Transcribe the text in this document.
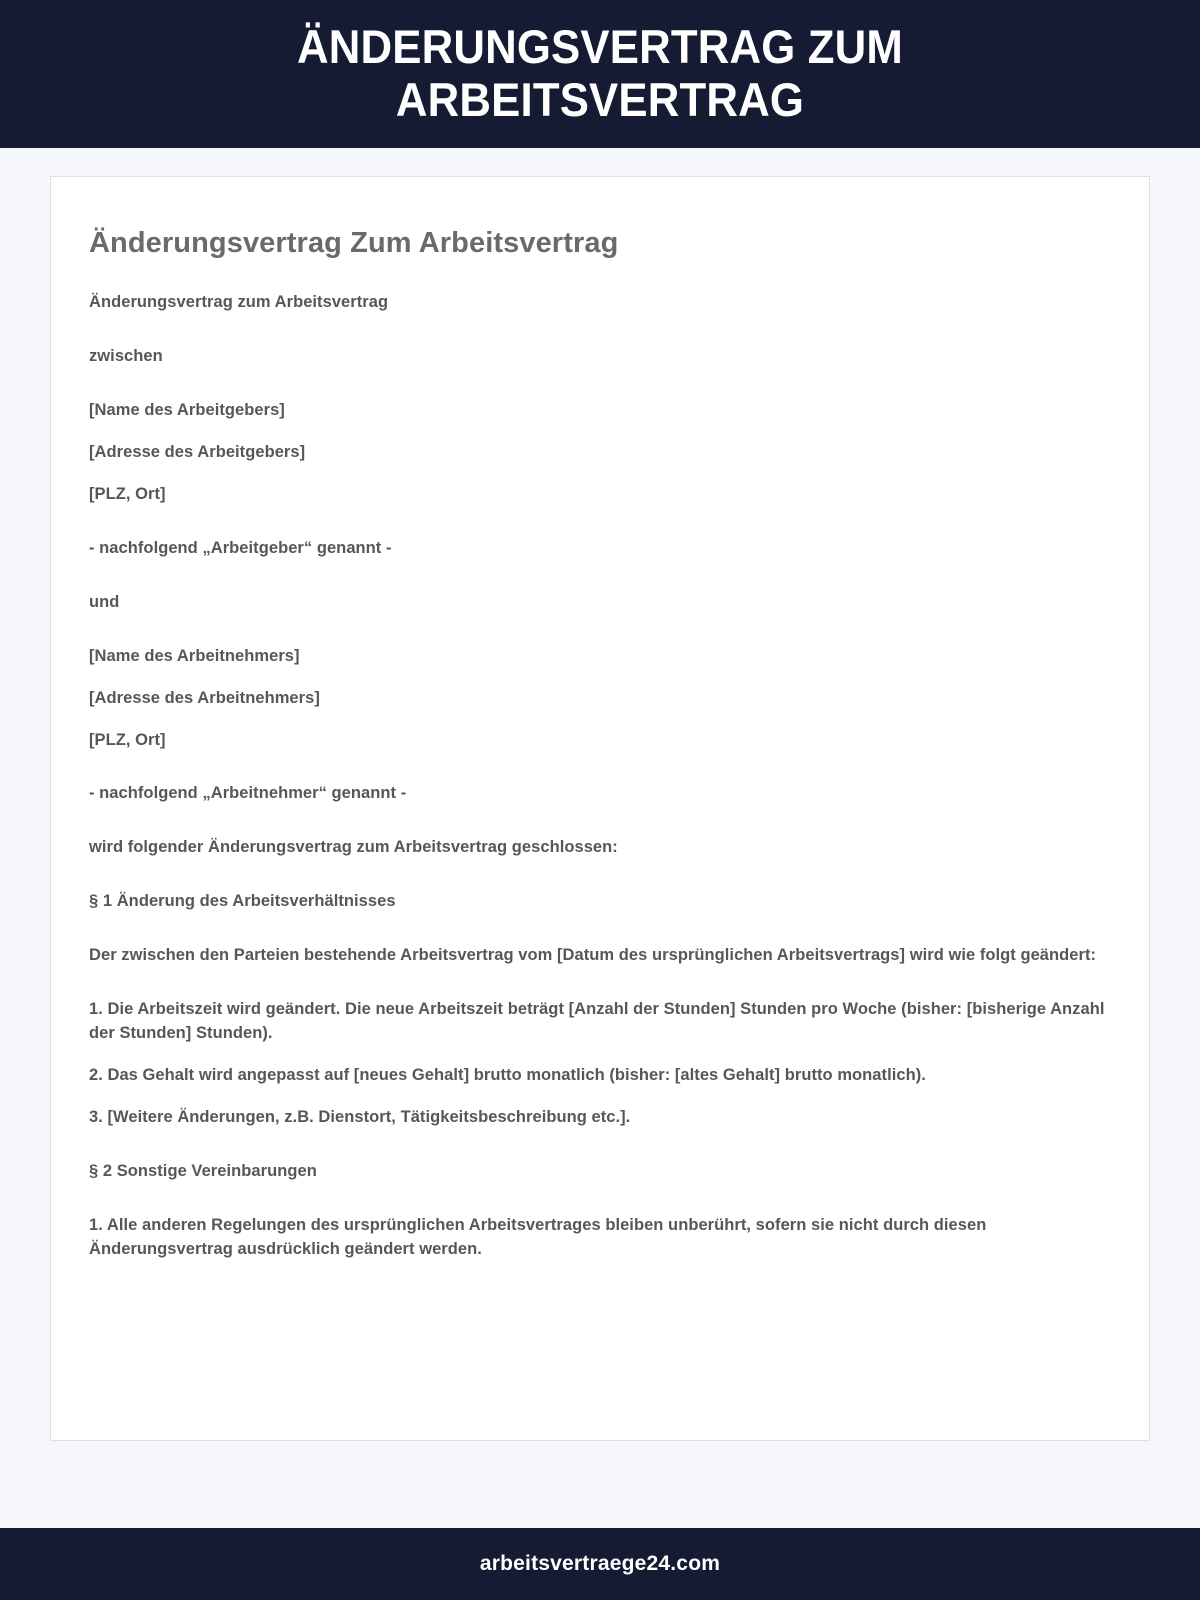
ÄNDERUNGSVERTRAG ZUM ARBEITSVERTRAG
Änderungsvertrag Zum Arbeitsvertrag

Änderungsvertrag zum Arbeitsvertrag

zwischen

[Name des Arbeitgebers]

[Adresse des Arbeitgebers]

[PLZ, Ort]

- nachfolgend „Arbeitgeber“ genannt -

und

[Name des Arbeitnehmers]

[Adresse des Arbeitnehmers]

[PLZ, Ort]

- nachfolgend „Arbeitnehmer“ genannt -

wird folgender Änderungsvertrag zum Arbeitsvertrag geschlossen:

§ 1 Änderung des Arbeitsverhältnisses

Der zwischen den Parteien bestehende Arbeitsvertrag vom [Datum des ursprünglichen Arbeitsvertrags] wird wie folgt geändert:

1. Die Arbeitszeit wird geändert. Die neue Arbeitszeit beträgt [Anzahl der Stunden] Stunden pro Woche (bisher: [bisherige Anzahl der Stunden] Stunden).

2. Das Gehalt wird angepasst auf [neues Gehalt] brutto monatlich (bisher: [altes Gehalt] brutto monatlich).

3. [Weitere Änderungen, z.B. Dienstort, Tätigkeitsbeschreibung etc.].

§ 2 Sonstige Vereinbarungen

1. Alle anderen Regelungen des ursprünglichen Arbeitsvertrages bleiben unberührt, sofern sie nicht durch diesen Änderungsvertrag ausdrücklich geändert werden.

arbeitsvertraege24.com
